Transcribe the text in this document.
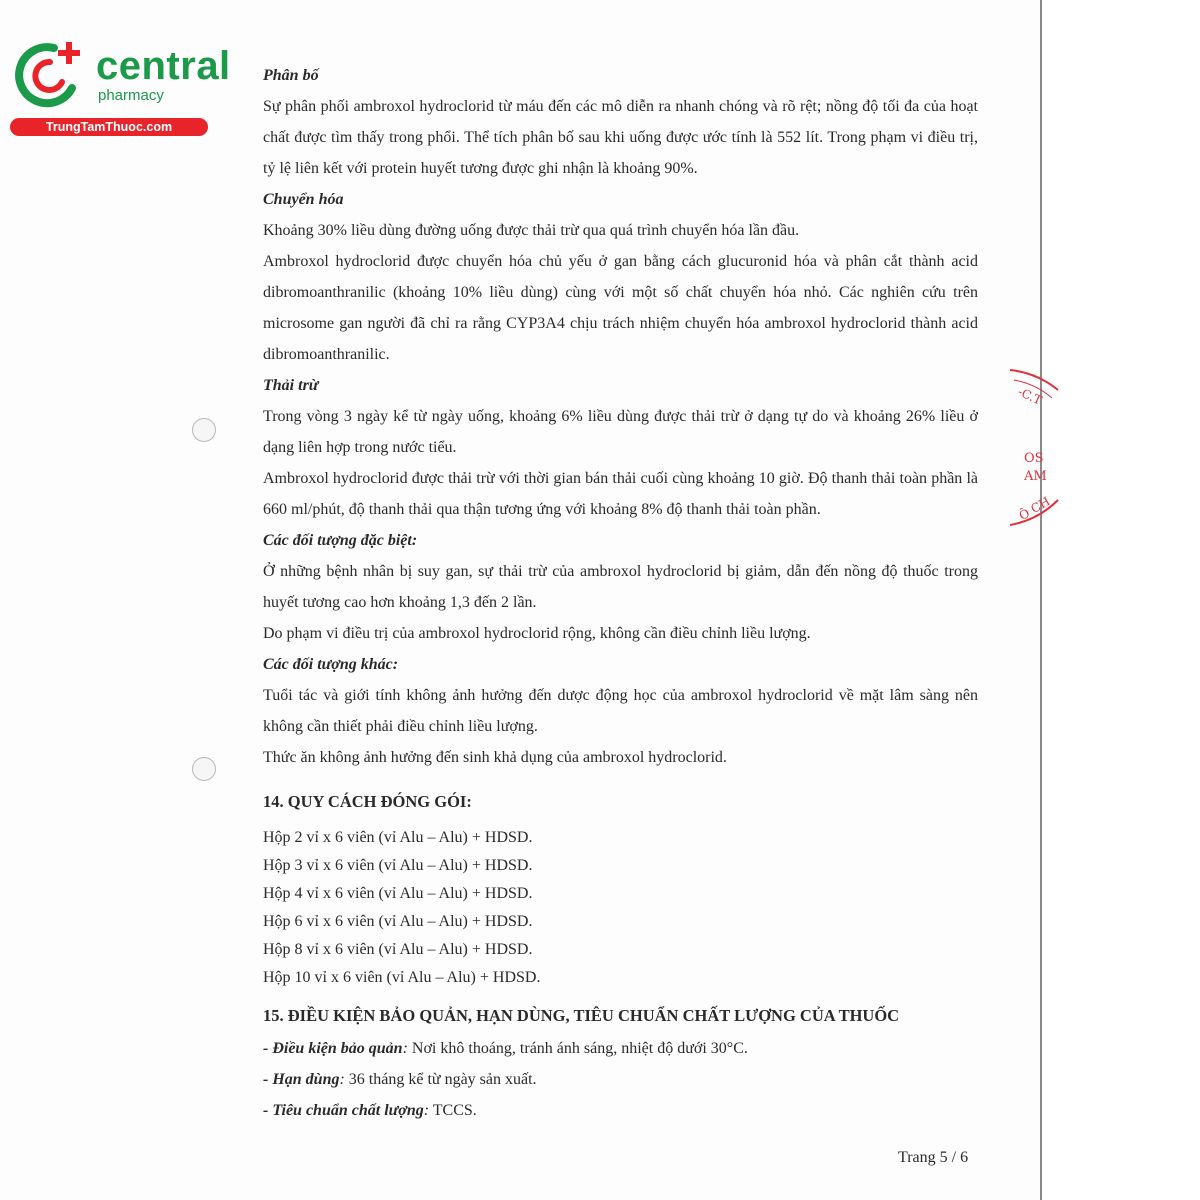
central
pharmacy
TrungTamThuoc.com
-C.T
OS
AM
Ô CH

Phân bố

Sự phân phối ambroxol hydroclorid từ máu đến các mô diễn ra nhanh chóng và rõ rệt; nồng độ tối đa của hoạt chất được tìm thấy trong phổi. Thể tích phân bố sau khi uống được ước tính là 552 lít. Trong phạm vi điều trị, tỷ lệ liên kết với protein huyết tương được ghi nhận là khoảng 90%.

Chuyển hóa

Khoảng 30% liều dùng đường uống được thải trừ qua quá trình chuyển hóa lần đầu.

Ambroxol hydroclorid được chuyển hóa chủ yếu ở gan bằng cách glucuronid hóa và phân cắt thành acid dibromoanthranilic (khoảng 10% liều dùng) cùng với một số chất chuyển hóa nhỏ. Các nghiên cứu trên microsome gan người đã chỉ ra rằng CYP3A4 chịu trách nhiệm chuyển hóa ambroxol hydroclorid thành acid dibromoanthranilic.

Thải trừ

Trong vòng 3 ngày kể từ ngày uống, khoảng 6% liều dùng được thải trừ ở dạng tự do và khoảng 26% liều ở dạng liên hợp trong nước tiểu.

Ambroxol hydroclorid được thải trừ với thời gian bán thải cuối cùng khoảng 10 giờ. Độ thanh thải toàn phần là 660 ml/phút, độ thanh thải qua thận tương ứng với khoảng 8% độ thanh thải toàn phần.

Các đối tượng đặc biệt:

Ở những bệnh nhân bị suy gan, sự thải trừ của ambroxol hydroclorid bị giảm, dẫn đến nồng độ thuốc trong huyết tương cao hơn khoảng 1,3 đến 2 lần.

Do phạm vi điều trị của ambroxol hydroclorid rộng, không cần điều chỉnh liều lượng.

Các đối tượng khác:

Tuổi tác và giới tính không ảnh hưởng đến dược động học của ambroxol hydroclorid về mặt lâm sàng nên không cần thiết phải điều chỉnh liều lượng.

Thức ăn không ảnh hưởng đến sinh khả dụng của ambroxol hydroclorid.

14. QUY CÁCH ĐÓNG GÓI:

Hộp 2 vỉ x 6 viên (vỉ Alu – Alu) + HDSD.

Hộp 3 vỉ x 6 viên (vỉ Alu – Alu) + HDSD.

Hộp 4 vỉ x 6 viên (vỉ Alu – Alu) + HDSD.

Hộp 6 vỉ x 6 viên (vỉ Alu – Alu) + HDSD.

Hộp 8 vỉ x 6 viên (vỉ Alu – Alu) + HDSD.

Hộp 10 vỉ x 6 viên (vỉ Alu – Alu) + HDSD.

15. ĐIỀU KIỆN BẢO QUẢN, HẠN DÙNG, TIÊU CHUẨN CHẤT LƯỢNG CỦA THUỐC

- Điều kiện bảo quản: Nơi khô thoáng, tránh ánh sáng, nhiệt độ dưới 30°C.

- Hạn dùng: 36 tháng kể từ ngày sản xuất.

- Tiêu chuẩn chất lượng: TCCS.

Trang 5 / 6
